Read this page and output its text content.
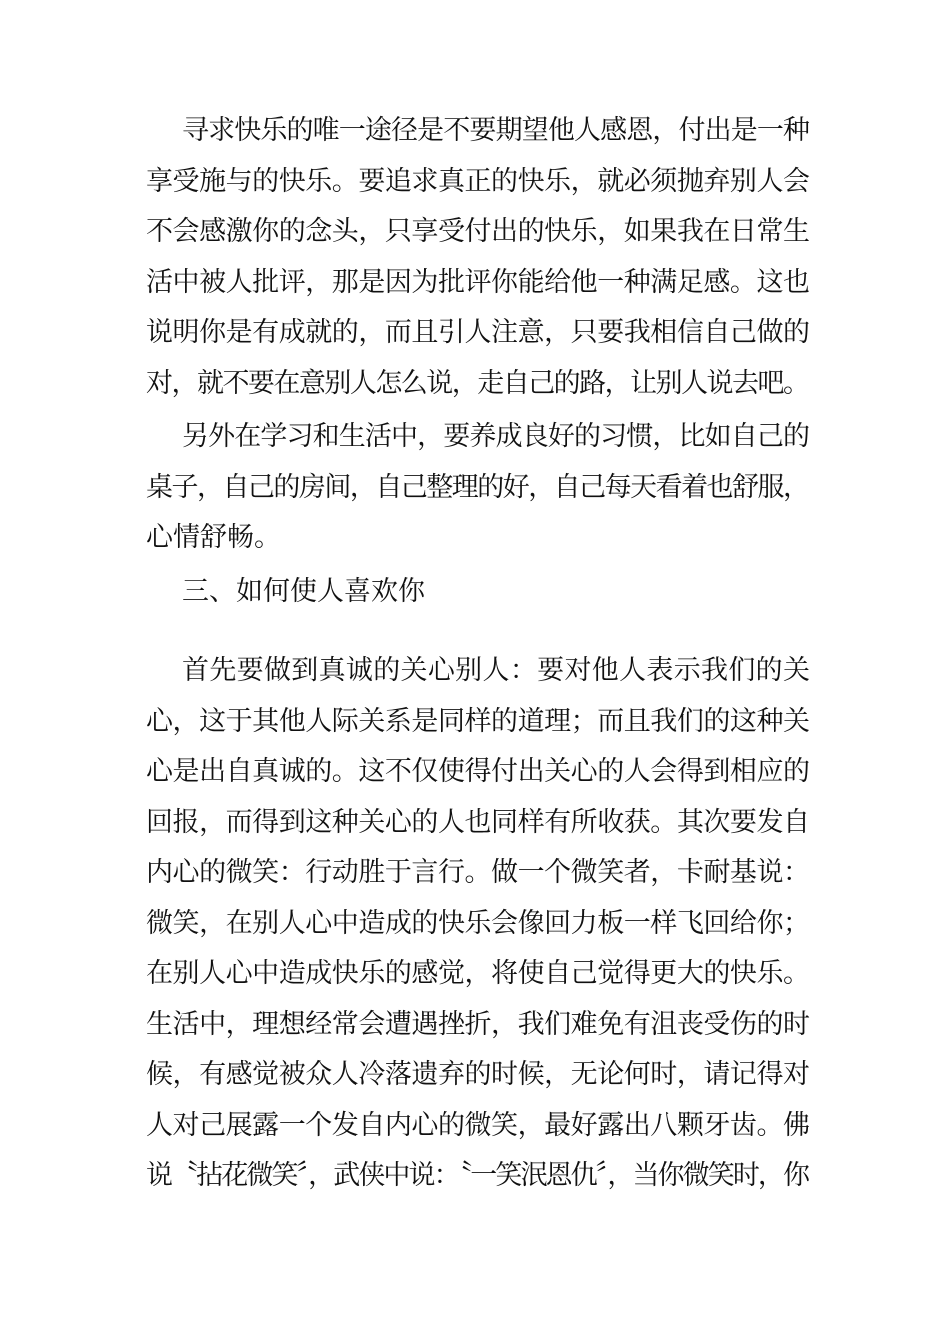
寻求快乐的唯一途径是不要期望他人感恩，付出是一种
享受施与的快乐。要追求真正的快乐，就必须抛弃别人会
不会感激你的念头，只享受付出的快乐，如果我在日常生
活中被人批评，那是因为批评你能给他一种满足感。这也
说明你是有成就的，而且引人注意，只要我相信自己做的
对，就不要在意别人怎么说，走自己的路，让别人说去吧。
另外在学习和生活中，要养成良好的习惯，比如自己的
桌子，自己的房间，自己整理的好，自己每天看着也舒服，
心情舒畅。
三、如何使人喜欢你
首先要做到真诚的关心别人：要对他人表示我们的关
心，这于其他人际关系是同样的道理；而且我们的这种关
心是出自真诚的。这不仅使得付出关心的人会得到相应的
回报，而得到这种关心的人也同样有所收获。其次要发自
内心的微笑：行动胜于言行。做一个微笑者，卡耐基说：
微笑，在别人心中造成的快乐会像回力板一样飞回给你；
在别人心中造成快乐的感觉，将使自己觉得更大的快乐。
生活中，理想经常会遭遇挫折，我们难免有沮丧受伤的时
候，有感觉被众人冷落遗弃的时候，无论何时，请记得对
人对己展露一个发自内心的微笑，最好露出八颗牙齿。佛
说〝拈花微笑〞，武侠中说：〝一笑泯恩仇〞，当你微笑时，你
